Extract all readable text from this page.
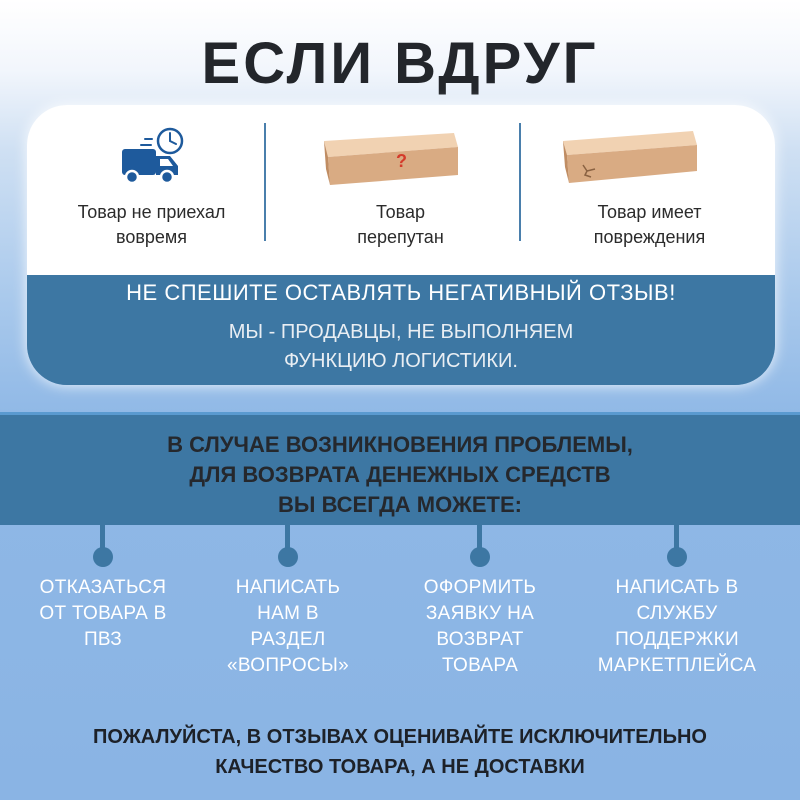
ЕСЛИ ВДРУГ
Товар не приехал
вовремя
?
Товар
перепутан
Товар имеет
повреждения
НЕ СПЕШИТЕ ОСТАВЛЯТЬ НЕГАТИВНЫЙ ОТЗЫВ!
МЫ - ПРОДАВЦЫ, НЕ ВЫПОЛНЯЕМ
ФУНКЦИЮ ЛОГИСТИКИ.
В СЛУЧАЕ ВОЗНИКНОВЕНИЯ ПРОБЛЕМЫ,
ДЛЯ ВОЗВРАТА ДЕНЕЖНЫХ СРЕДСТВ
ВЫ ВСЕГДА МОЖЕТЕ:
ОТКАЗАТЬСЯ
ОТ ТОВАРА В
ПВЗ
НАПИСАТЬ
НАМ В
РАЗДЕЛ
«ВОПРОСЫ»
ОФОРМИТЬ
ЗАЯВКУ НА
ВОЗВРАТ
ТОВАРА
НАПИСАТЬ В
СЛУЖБУ
ПОДДЕРЖКИ
МАРКЕТПЛЕЙСА
ПОЖАЛУЙСТА, В ОТЗЫВАХ ОЦЕНИВАЙТЕ ИСКЛЮЧИТЕЛЬНО
КАЧЕСТВО ТОВАРА, А НЕ ДОСТАВКИ
